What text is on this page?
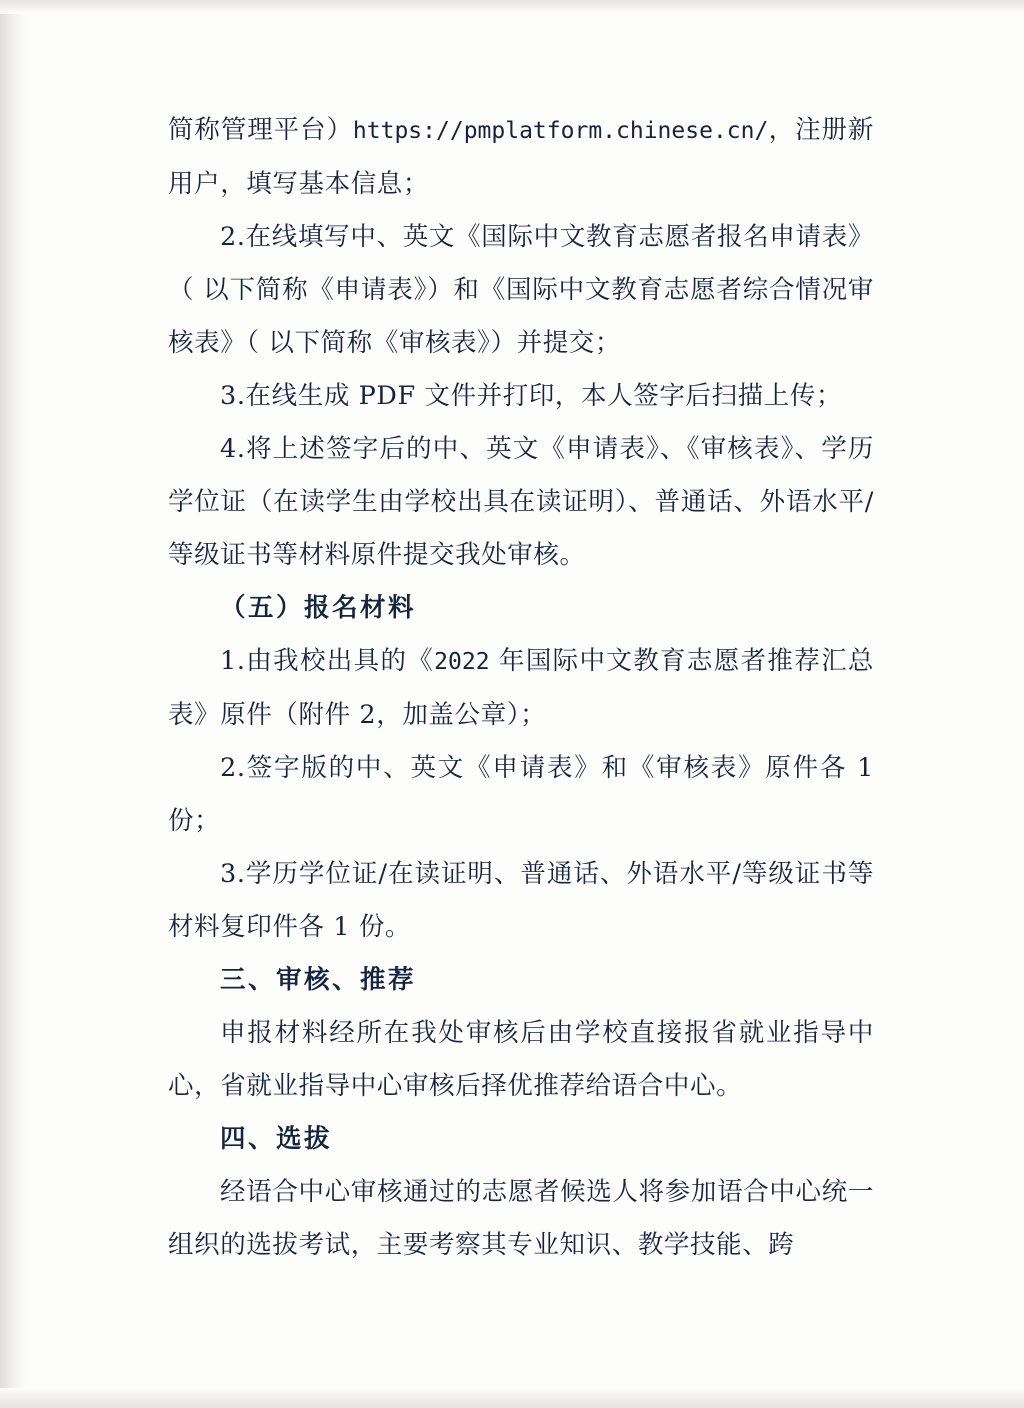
简称管理平台）https://pmplatform.chinese.cn/，注册新用户，填写基本信息；

2.在线填写中、英文《国际中文教育志愿者报名申请表》（ 以下简称《申请表》）和《国际中文教育志愿者综合情况审核表》（ 以下简称《审核表》）并提交；

3.在线生成 PDF 文件并打印，本人签字后扫描上传；

4.将上述签字后的中、英文《申请表》、《审核表》、学历学位证（在读学生由学校出具在读证明）、普通话、外语水平/等级证书等材料原件提交我处审核。

（五）报名材料

1.由我校出具的《2022 年国际中文教育志愿者推荐汇总表》原件（附件 2，加盖公章）；

2.签字版的中、英文《申请表》和《审核表》原件各 1 份；

3.学历学位证/在读证明、普通话、外语水平/等级证书等材料复印件各 1 份。

三、审核、推荐

申报材料经所在我处审核后由学校直接报省就业指导中心，省就业指导中心审核后择优推荐给语合中心。

四、选拔

经语合中心审核通过的志愿者候选人将参加语合中心统一组织的选拔考试，主要考察其专业知识、教学技能、跨
